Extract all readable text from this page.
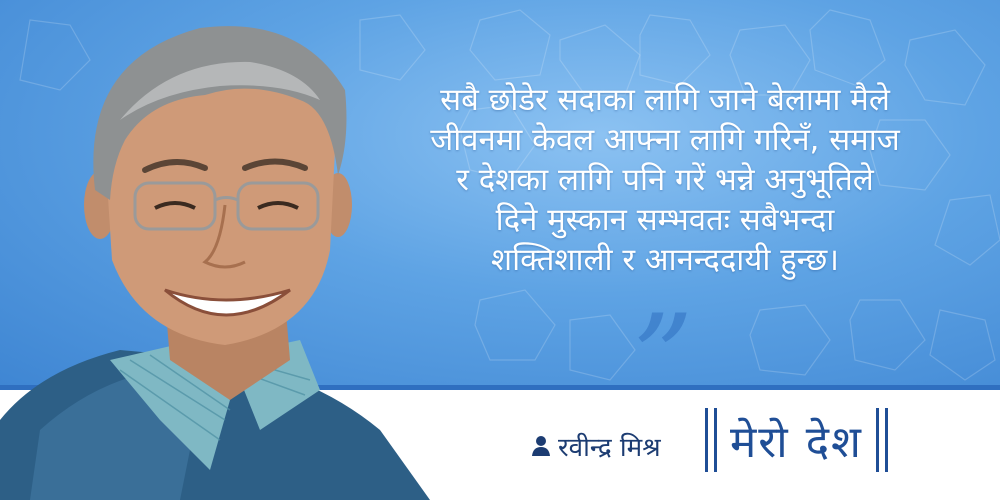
सबै छोडेर सदाका लागि जाने बेलामा मैले
जीवनमा केवल आफ्ना लागि गरिनँ, समाज
र देशका लागि पनि गरें भन्ने अनुभूतिले
दिने मुस्कान सम्भवतः सबैभन्दा
शक्तिशाली र आनन्ददायी हुन्छ।

”
रवीन्द्र मिश्र मेरो देश
